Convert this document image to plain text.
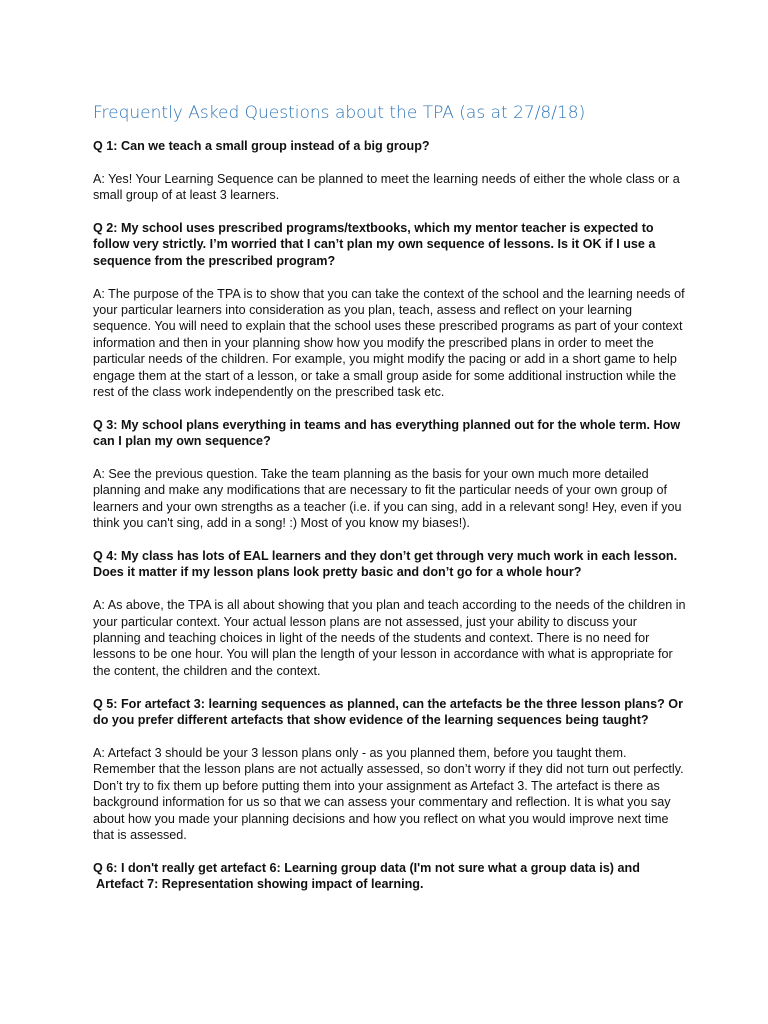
Frequently Asked Questions about the TPA (as at 27/8/18)

Q 1: Can we teach a small group instead of a big group?

A: Yes! Your Learning Sequence can be planned to meet the learning needs of either the whole class or a small group of at least 3 learners.

Q 2: My school uses prescribed programs/textbooks, which my mentor teacher is expected to follow very strictly. I’m worried that I can’t plan my own sequence of lessons. Is it OK if I use a sequence from the prescribed program?

A: The purpose of the TPA is to show that you can take the context of the school and the learning needs of your particular learners into consideration as you plan, teach, assess and reflect on your learning sequence. You will need to explain that the school uses these prescribed programs as part of your context information and then in your planning show how you modify the prescribed plans in order to meet the particular needs of the children. For example, you might modify the pacing or add in a short game to help engage them at the start of a lesson, or take a small group aside for some additional instruction while the rest of the class work independently on the prescribed task etc.

Q 3: My school plans everything in teams and has everything planned out for the whole term. How can I plan my own sequence?

A: See the previous question. Take the team planning as the basis for your own much more detailed planning and make any modifications that are necessary to fit the particular needs of your own group of learners and your own strengths as a teacher (i.e. if you can sing, add in a relevant song! Hey, even if you think you can't sing, add in a song! :) Most of you know my biases!).

Q 4: My class has lots of EAL learners and they don’t get through very much work in each lesson. Does it matter if my lesson plans look pretty basic and don’t go for a whole hour?

A: As above, the TPA is all about showing that you plan and teach according to the needs of the children in your particular context. Your actual lesson plans are not assessed, just your ability to discuss your planning and teaching choices in light of the needs of the students and context. There is no need for lessons to be one hour. You will plan the length of your lesson in accordance with what is appropriate for the content, the children and the context.

Q 5: For artefact 3: learning sequences as planned, can the artefacts be the three lesson plans? Or do you prefer different artefacts that show evidence of the learning sequences being taught?

A: Artefact 3 should be your 3 lesson plans only - as you planned them, before you taught them. Remember that the lesson plans are not actually assessed, so don’t worry if they did not turn out perfectly. Don’t try to fix them up before putting them into your assignment as Artefact 3. The artefact is there as background information for us so that we can assess your commentary and reflection. It is what you say about how you made your planning decisions and how you reflect on what you would improve next time that is assessed.

Q 6: I don't really get artefact 6: Learning group data (I'm not sure what a group data is) and
Artefact 7: Representation showing impact of learning.
